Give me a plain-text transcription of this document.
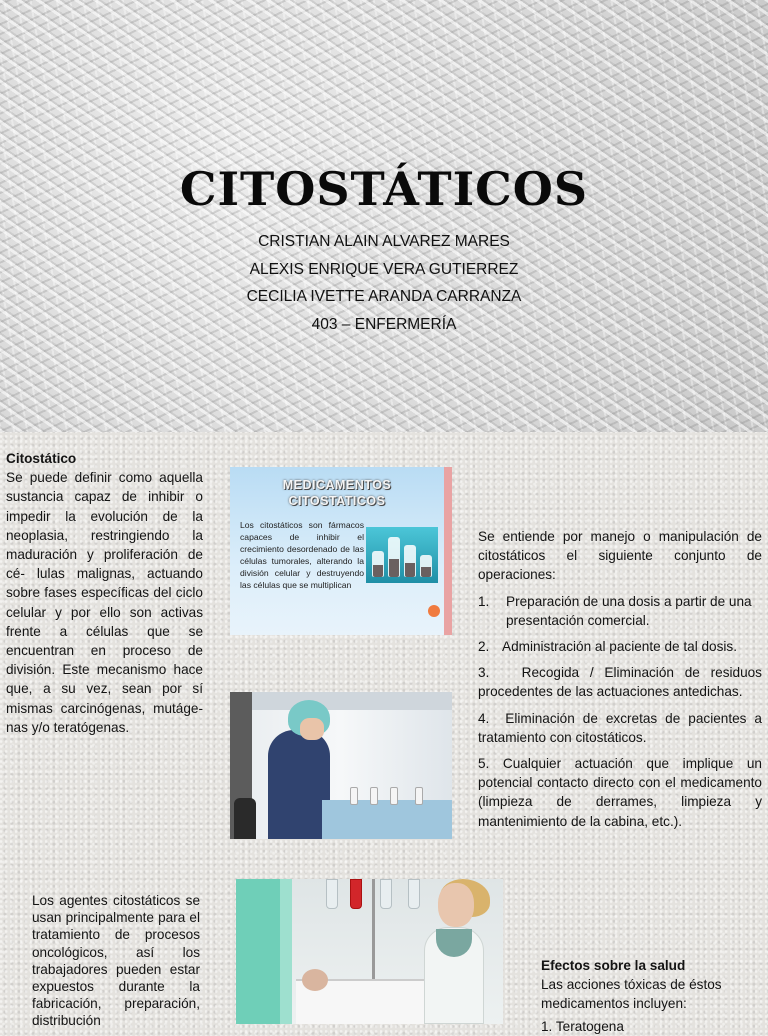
CITOSTÁTICOS
CRISTIAN ALAIN ALVAREZ MARES
ALEXIS ENRIQUE VERA GUTIERREZ
CECILIA IVETTE ARANDA CARRANZA
403 – ENFERMERÍA
Citostático
Se puede definir como aquella sustancia capaz de inhibir o impedir la evolución de la neoplasia, restringiendo la maduración y proliferación de cé- lulas malignas, actuando sobre fases específicas del ciclo celular y por ello son activas frente a células que se encuentran en proceso de división. Este mecanismo hace que, a su vez, sean por sí mismas carcinógenas, mutáge- nas y/o teratógenas.
MEDICAMENTOS
CITOSTATICOS
Los citostáticos son fármacos capaces de inhibir el crecimiento desordenado de las células tumorales, alterando la división celular y destruyendo las células que se multiplican
Se entiende por manejo o manipulación de citostáticos el siguiente conjunto de operaciones:
1.	Preparación de una dosis a partir de una presentación comercial.
2. Administración al paciente de tal dosis.
3. Recogida / Eliminación de residuos procedentes de las actuaciones antedichas.
4. Eliminación de excretas de pacientes a tratamiento con citostáticos.
5. Cualquier actuación que implique un potencial contacto directo con el medicamento (limpieza de derrames, limpieza y mantenimiento de la cabina, etc.).
Los agentes citostáticos se usan principalmente para el tratamiento de procesos oncológicos, así los trabajadores pueden estar expuestos durante la fabricación, preparación, distribución
Efectos sobre la salud
Las acciones tóxicas de éstos medicamentos incluyen:
1. Teratogena
